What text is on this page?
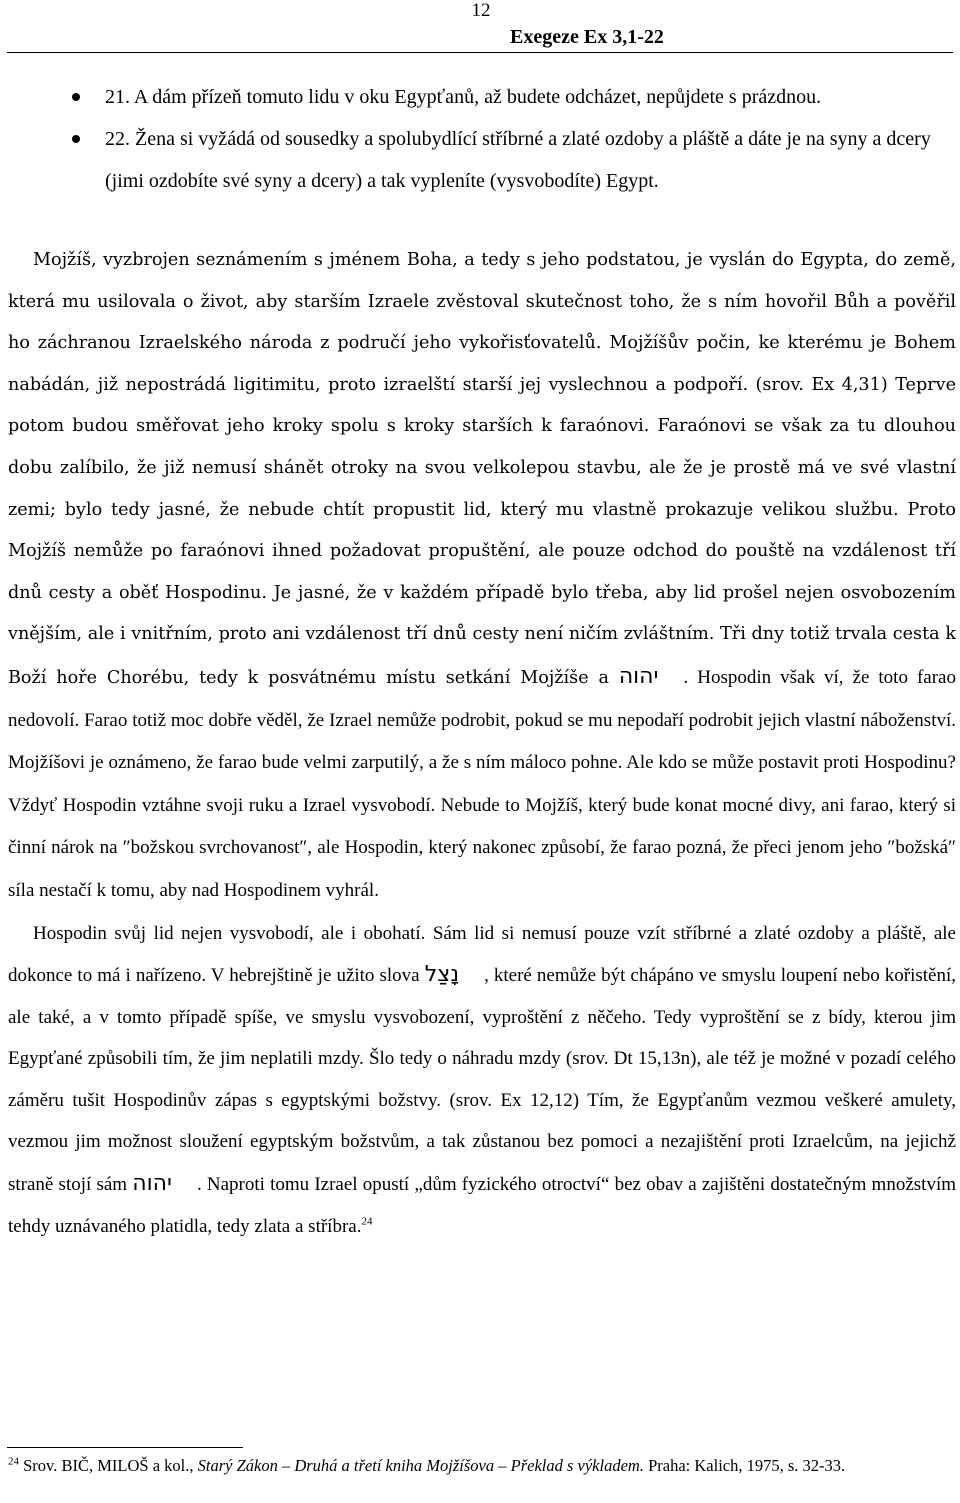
12
Exegeze Ex 3,1-22
21. A dám přízeň tomuto lidu v oku Egypťanů, až budete odcházet, nepůjdete s prázdnou.
22. Žena si vyžádá od sousedky a spolubydlící stříbrné a zlaté ozdoby a pláště a dáte je na syny a dcery (jimi ozdobíte své syny a dcery) a tak vypleníte (vysvobodíte) Egypt.

Mojžíš, vyzbrojen seznámením s jménem Boha, a tedy s jeho podstatou, je vyslán do Egypta, do země, která mu usilovala o život, aby starším Izraele zvěstoval skutečnost toho, že s ním hovořil Bůh a pověřil ho záchranou Izraelského národa z područí jeho vykořisťovatelů. Mojžíšův počin, ke kterému je Bohem nabádán, již nepostrádá ligitimitu, proto izraelští starší jej vyslechnou a podpoří. (srov. Ex 4,31) Teprve potom budou směřovat jeho kroky spolu s kroky starších k faraónovi. Faraónovi se však za tu dlouhou dobu zalíbilo, že již nemusí shánět otroky na svou velkolepou stavbu, ale že je prostě má ve své vlastní zemi; bylo tedy jasné, že nebude chtít propustit lid, který mu vlastně prokazuje velikou službu. Proto Mojžíš nemůže po faraónovi ihned požadovat propuštění, ale pouze odchod do pouště na vzdálenost tří dnů cesty a oběť Hospodinu. Je jasné, že v každém případě bylo třeba, aby lid prošel nejen osvobozením vnějším, ale i vnitřním, proto ani vzdálenost tří dnů cesty není ničím zvláštním. Tři dny totiž trvala cesta k Boží hoře Chorébu, tedy k posvátnému místu setkání Mojžíše a יהוה . Hospodin však ví, že toto farao nedovolí. Farao totiž moc dobře věděl, že Izrael nemůže podrobit, pokud se mu nepodaří podrobit jejich vlastní náboženství. Mojžíšovi je oznámeno, že farao bude velmi zarputilý, a že s ním máloco pohne. Ale kdo se může postavit proti Hospodinu? Vždyť Hospodin vztáhne svoji ruku a Izrael vysvobodí. Nebude to Mojžíš, který bude konat mocné divy, ani farao, který si činní nárok na ″božskou svrchovanost″, ale Hospodin, který nakonec způsobí, že farao pozná, že přeci jenom jeho ″božská″ síla nestačí k tomu, aby nad Hospodinem vyhrál.

Hospodin svůj lid nejen vysvobodí, ale i obohatí. Sám lid si nemusí pouze vzít stříbrné a zlaté ozdoby a pláště, ale dokonce to má i nařízeno. V hebrejštině je užito slova נָצַל , které nemůže být chápáno ve smyslu loupení nebo kořistění, ale také, a v tomto případě spíše, ve smyslu vysvobození, vyproštění z něčeho. Tedy vyproštění se z bídy, kterou jim Egypťané způsobili tím, že jim neplatili mzdy. Šlo tedy o náhradu mzdy (srov. Dt 15,13n), ale též je možné v pozadí celého záměru tušit Hospodinův zápas s egyptskými božstvy. (srov. Ex 12,12) Tím, že Egypťanům vezmou veškeré amulety, vezmou jim možnost sloužení egyptským božstvům, a tak zůstanou bez pomoci a nezajištění proti Izraelcům, na jejichž straně stojí sám יהוה . Naproti tomu Izrael opustí „dům fyzického otroctví“ bez obav a zajištěni dostatečným množstvím tehdy uznávaného platidla, tedy zlata a stříbra.$^{24}$

$^{24}$ Srov. BIČ, MILOŠ a kol., Starý Zákon – Druhá a třetí kniha Mojžíšova – Překlad s výkladem. Praha: Kalich, 1975, s. 32-33.
